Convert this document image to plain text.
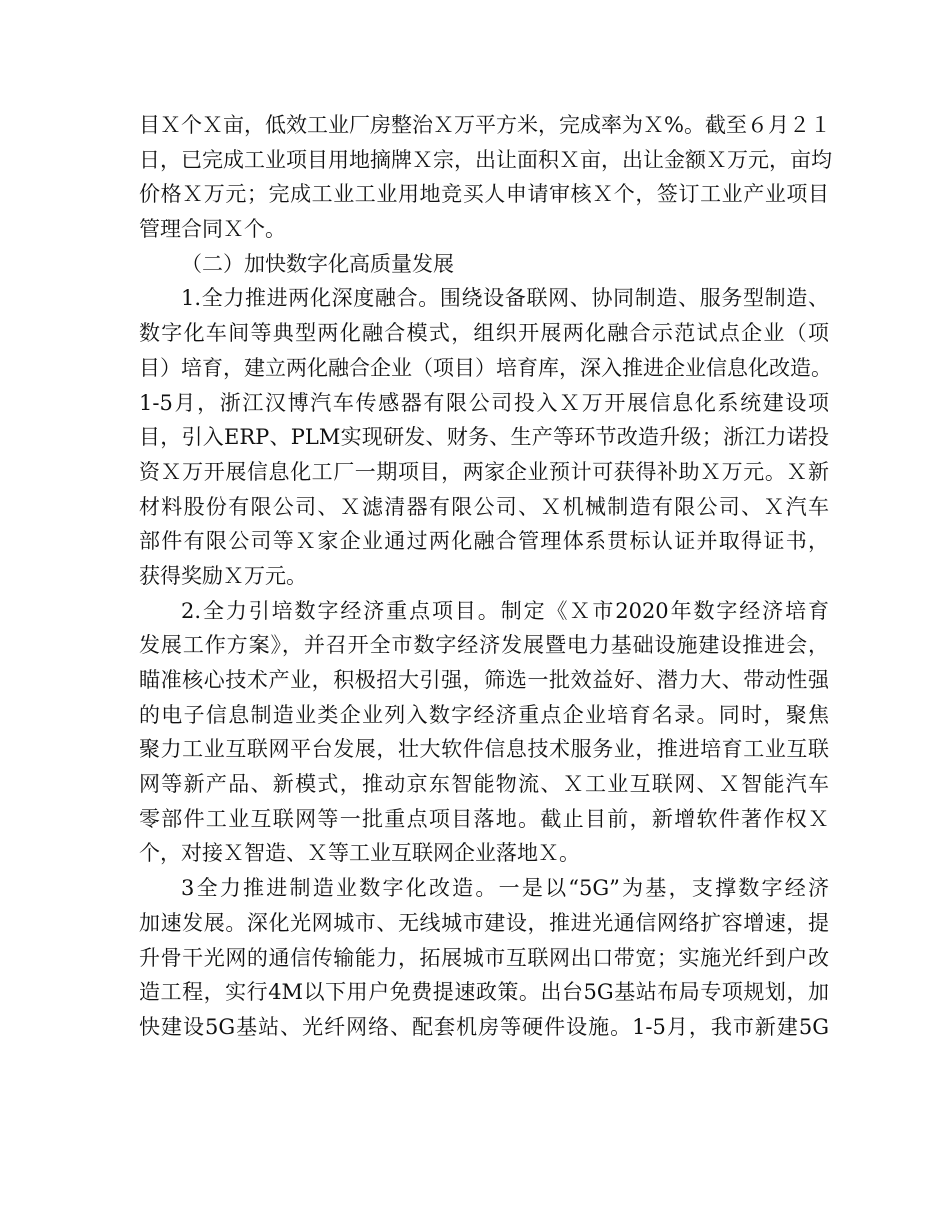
目Ｘ个Ｘ亩，低效工业厂房整治Ｘ万平方米，完成率为Ｘ%。截至６月２１
日，已完成工业项目用地摘牌Ｘ宗，出让面积Ｘ亩，出让金额Ｘ万元，亩均
价格Ｘ万元；完成工业工业用地竞买人申请审核Ｘ个，签订工业产业项目
管理合同Ｘ个。
（二）加快数字化高质量发展
1.全力推进两化深度融合。围绕设备联网、协同制造、服务型制造、
数字化车间等典型两化融合模式，组织开展两化融合示范试点企业（项
目）培育，建立两化融合企业（项目）培育库，深入推进企业信息化改造。
1-5月，浙江汉博汽车传感器有限公司投入Ｘ万开展信息化系统建设项
目，引入ERP、PLM实现研发、财务、生产等环节改造升级；浙江力诺投
资Ｘ万开展信息化工厂一期项目，两家企业预计可获得补助Ｘ万元。Ｘ新
材料股份有限公司、Ｘ滤清器有限公司、Ｘ机械制造有限公司、Ｘ汽车
部件有限公司等Ｘ家企业通过两化融合管理体系贯标认证并取得证书，
获得奖励Ｘ万元。
2.全力引培数字经济重点项目。制定《Ｘ市2020年数字经济培育
发展工作方案》，并召开全市数字经济发展暨电力基础设施建设推进会，
瞄准核心技术产业，积极招大引强，筛选一批效益好、潜力大、带动性强
的电子信息制造业类企业列入数字经济重点企业培育名录。同时，聚焦
聚力工业互联网平台发展，壮大软件信息技术服务业，推进培育工业互联
网等新产品、新模式，推动京东智能物流、Ｘ工业互联网、Ｘ智能汽车
零部件工业互联网等一批重点项目落地。截止目前，新增软件著作权Ｘ
个，对接Ｘ智造、Ｘ等工业互联网企业落地Ｘ。
3全力推进制造业数字化改造。一是以“5G”为基，支撑数字经济
加速发展。深化光网城市、无线城市建设，推进光通信网络扩容增速，提
升骨干光网的通信传输能力，拓展城市互联网出口带宽；实施光纤到户改
造工程，实行4M以下用户免费提速政策。出台5G基站布局专项规划，加
快建设5G基站、光纤网络、配套机房等硬件设施。1-5月，我市新建5G
